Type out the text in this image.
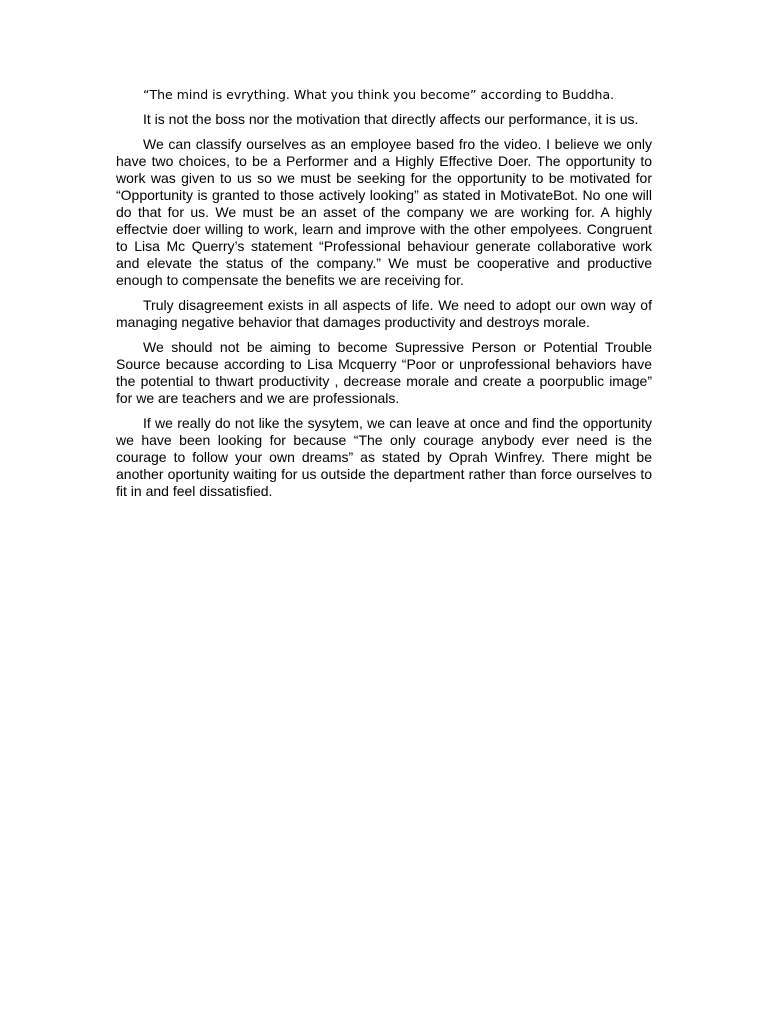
“The mind is evrything. What you think you become” according to Buddha.

It is not the boss nor the motivation that directly affects our performance, it is us.

We can classify ourselves as an employee based fro the video. I believe we only have two choices, to be a Performer and a Highly Effective Doer. The opportunity to work was given to us so we must be seeking for the opportunity to be motivated for “Opportunity is granted to those actively looking” as stated in MotivateBot. No one will do that for us. We must be an asset of the company we are working for. A highly effectvie doer willing to work, learn and improve with the other empolyees. Congruent to Lisa Mc Querry’s statement “Professional behaviour generate collaborative work and elevate the status of the company.” We must be cooperative and productive enough to compensate the benefits we are receiving for.

Truly disagreement exists in all aspects of life. We need to adopt our own way of managing negative behavior that damages productivity and destroys morale.

We should not be aiming to become Supressive Person or Potential Trouble Source because according to Lisa Mcquerry “Poor or unprofessional behaviors have the potential to thwart productivity , decrease morale and create a poorpublic image” for we are teachers and we are professionals.

If we really do not like the sysytem, we can leave at once and find the opportunity we have been looking for because “The only courage anybody ever need is the courage to follow your own dreams” as stated by Oprah Winfrey. There might be another oportunity waiting for us outside the department rather than force ourselves to fit in and feel dissatisfied.
